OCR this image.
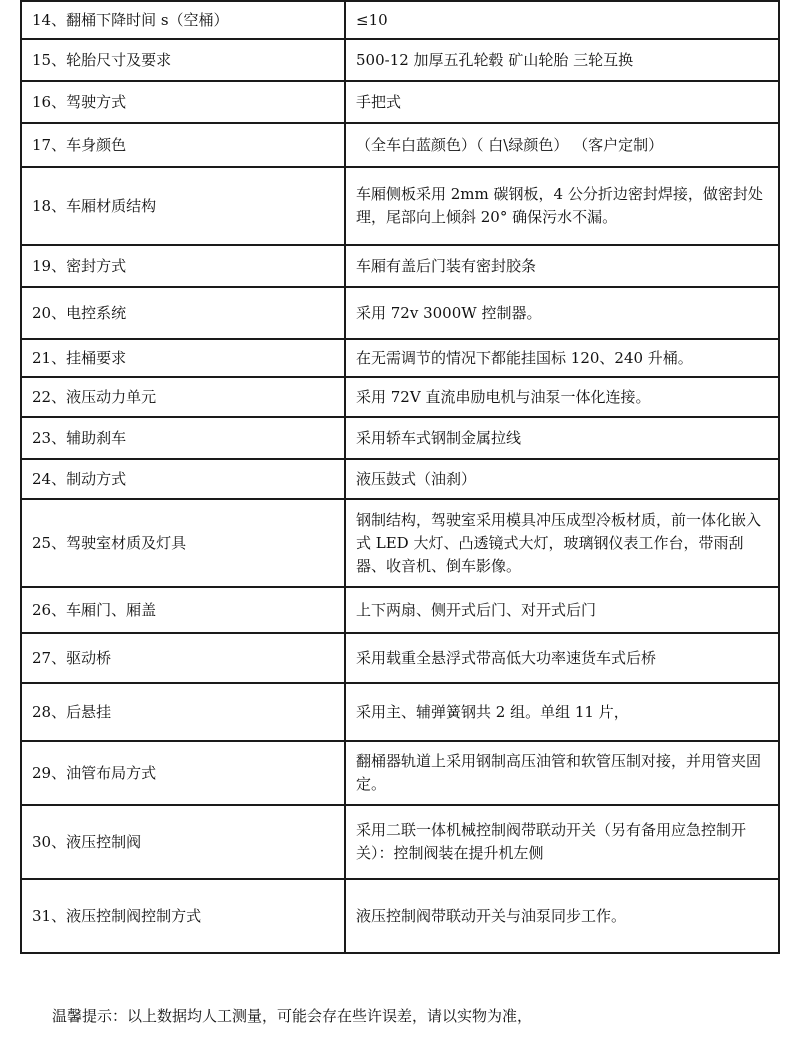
14、翻桶下降时间 s（空桶）	≤10
15、轮胎尺寸及要求	500-12 加厚五孔轮毂 矿山轮胎 三轮互换
16、驾驶方式	手把式
17、车身颜色	（全车白蓝颜色）（ 白\绿颜色） （客户定制）
18、车厢材质结构	车厢侧板采用 2mm 碳钢板，4 公分折边密封焊接，做密封处理，尾部向上倾斜 20° 确保污水不漏。
19、密封方式	车厢有盖后门装有密封胶条
20、电控系统	采用 72v 3000W 控制器。
21、挂桶要求	在无需调节的情况下都能挂国标 120、240 升桶。
22、液压动力单元	采用 72V 直流串励电机与油泵一体化连接。
23、辅助刹车	采用轿车式钢制金属拉线
24、制动方式	液压鼓式（油刹）
25、驾驶室材质及灯具	钢制结构，驾驶室采用模具冲压成型冷板材质，前一体化嵌入式 LED 大灯、凸透镜式大灯，玻璃钢仪表工作台，带雨刮器、收音机、倒车影像。
26、车厢门、厢盖	上下两扇、侧开式后门、对开式后门
27、驱动桥	采用载重全悬浮式带高低大功率速货车式后桥
28、后悬挂	采用主、辅弹簧钢共 2 组。单组 11 片，
29、油管布局方式	翻桶器轨道上采用钢制高压油管和软管压制对接，并用管夹固定。
30、液压控制阀	采用二联一体机械控制阀带联动开关（另有备用应急控制开关）：控制阀装在提升机左侧
31、液压控制阀控制方式	液压控制阀带联动开关与油泵同步工作。
温馨提示：以上数据均人工测量，可能会存在些许误差，请以实物为准，
